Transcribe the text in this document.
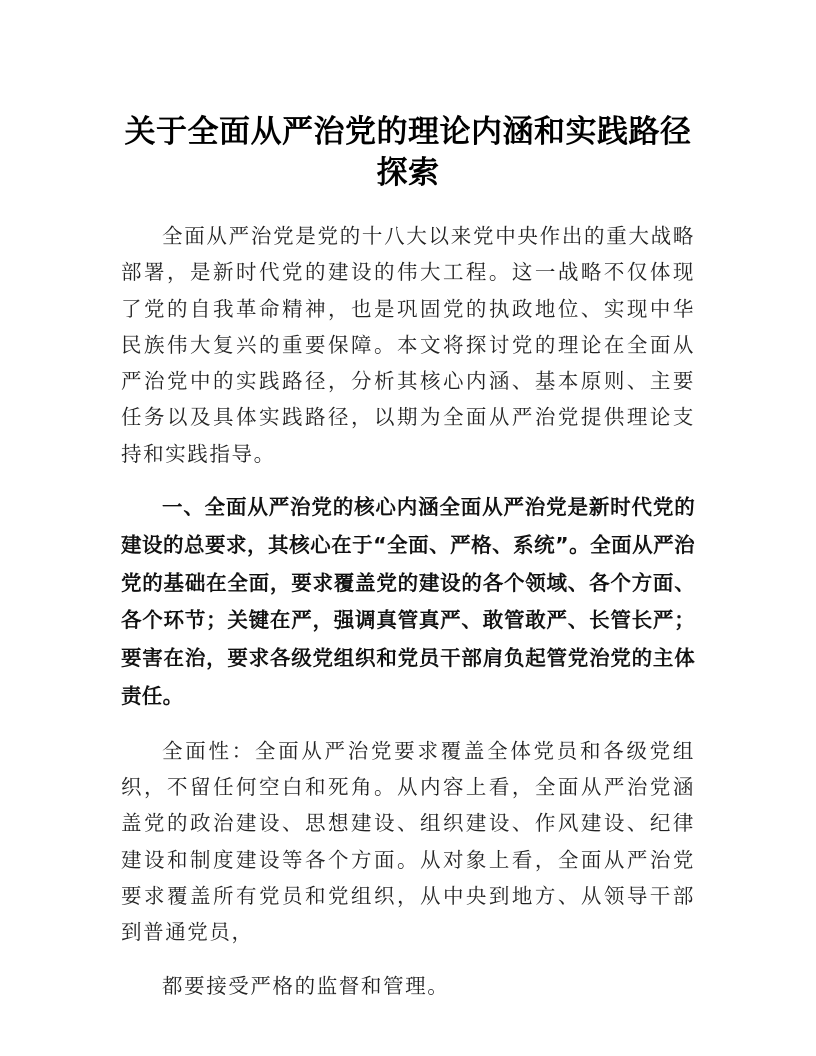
关于全面从严治党的理论内涵和实践路径探索

全面从严治党是党的十八大以来党中央作出的重大战略部署，是新时代党的建设的伟大工程。这一战略不仅体现了党的自我革命精神，也是巩固党的执政地位、实现中华民族伟大复兴的重要保障。本文将探讨党的理论在全面从严治党中的实践路径，分析其核心内涵、基本原则、主要任务以及具体实践路径，以期为全面从严治党提供理论支持和实践指导。

一、全面从严治党的核心内涵全面从严治党是新时代党的建设的总要求，其核心在于“全面、严格、系统”。全面从严治党的基础在全面，要求覆盖党的建设的各个领域、各个方面、各个环节；关键在严，强调真管真严、敢管敢严、长管长严；要害在治，要求各级党组织和党员干部肩负起管党治党的主体责任。

全面性：全面从严治党要求覆盖全体党员和各级党组织，不留任何空白和死角。从内容上看，全面从严治党涵盖党的政治建设、思想建设、组织建设、作风建设、纪律建设和制度建设等各个方面。从对象上看，全面从严治党要求覆盖所有党员和党组织，从中央到地方、从领导干部到普通党员，

都要接受严格的监督和管理。
